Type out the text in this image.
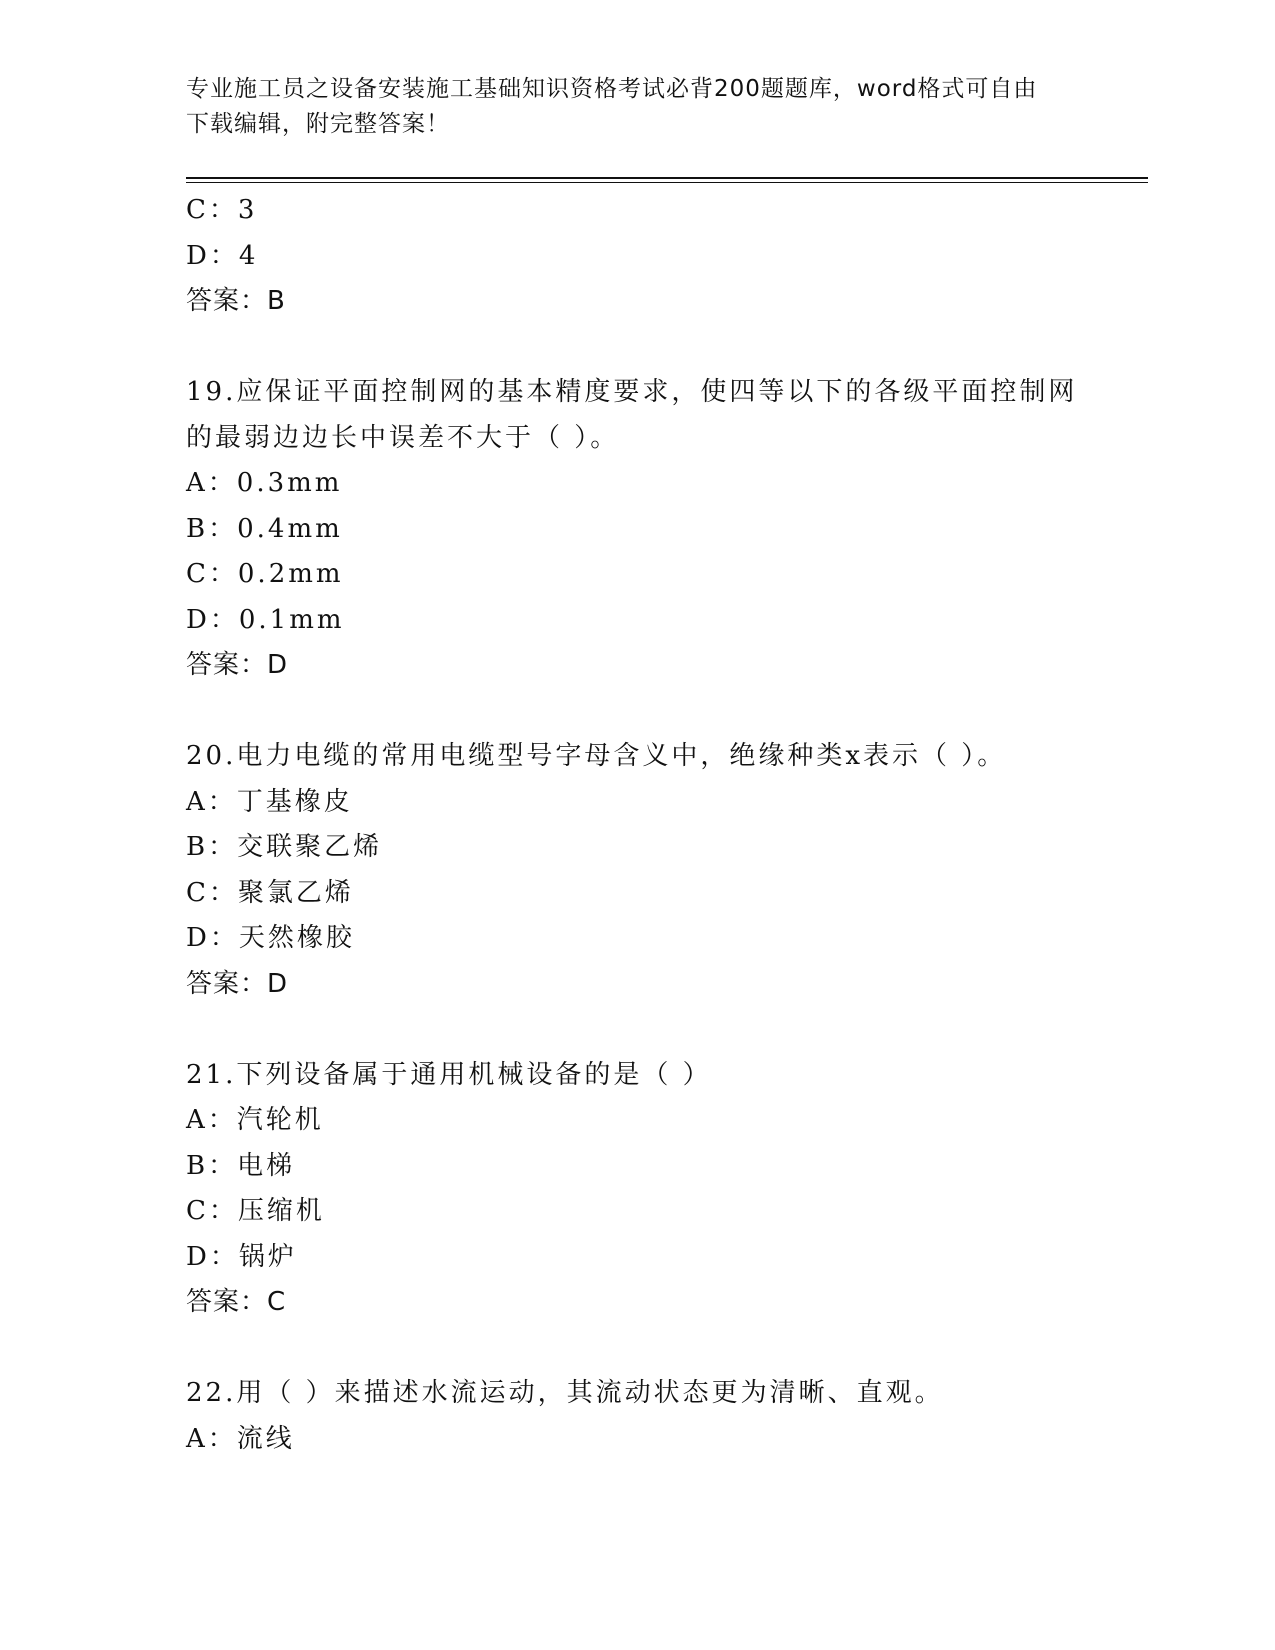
专业施工员之设备安装施工基础知识资格考试必背200题题库，word格式可自由
下载编辑，附完整答案！
C：3
D：4
答案：B
19.应保证平面控制网的基本精度要求，使四等以下的各级平面控制网
的最弱边边长中误差不大于（ ）。
A：0.3mm
B：0.4mm
C：0.2mm
D：0.1mm
答案：D
20.电力电缆的常用电缆型号字母含义中，绝缘种类x表示（ ）。
A：丁基橡皮
B：交联聚乙烯
C：聚氯乙烯
D：天然橡胶
答案：D
21.下列设备属于通用机械设备的是（ ）
A：汽轮机
B：电梯
C：压缩机
D：锅炉
答案：C
22.用（ ）来描述水流运动，其流动状态更为清晰、直观。
A：流线
